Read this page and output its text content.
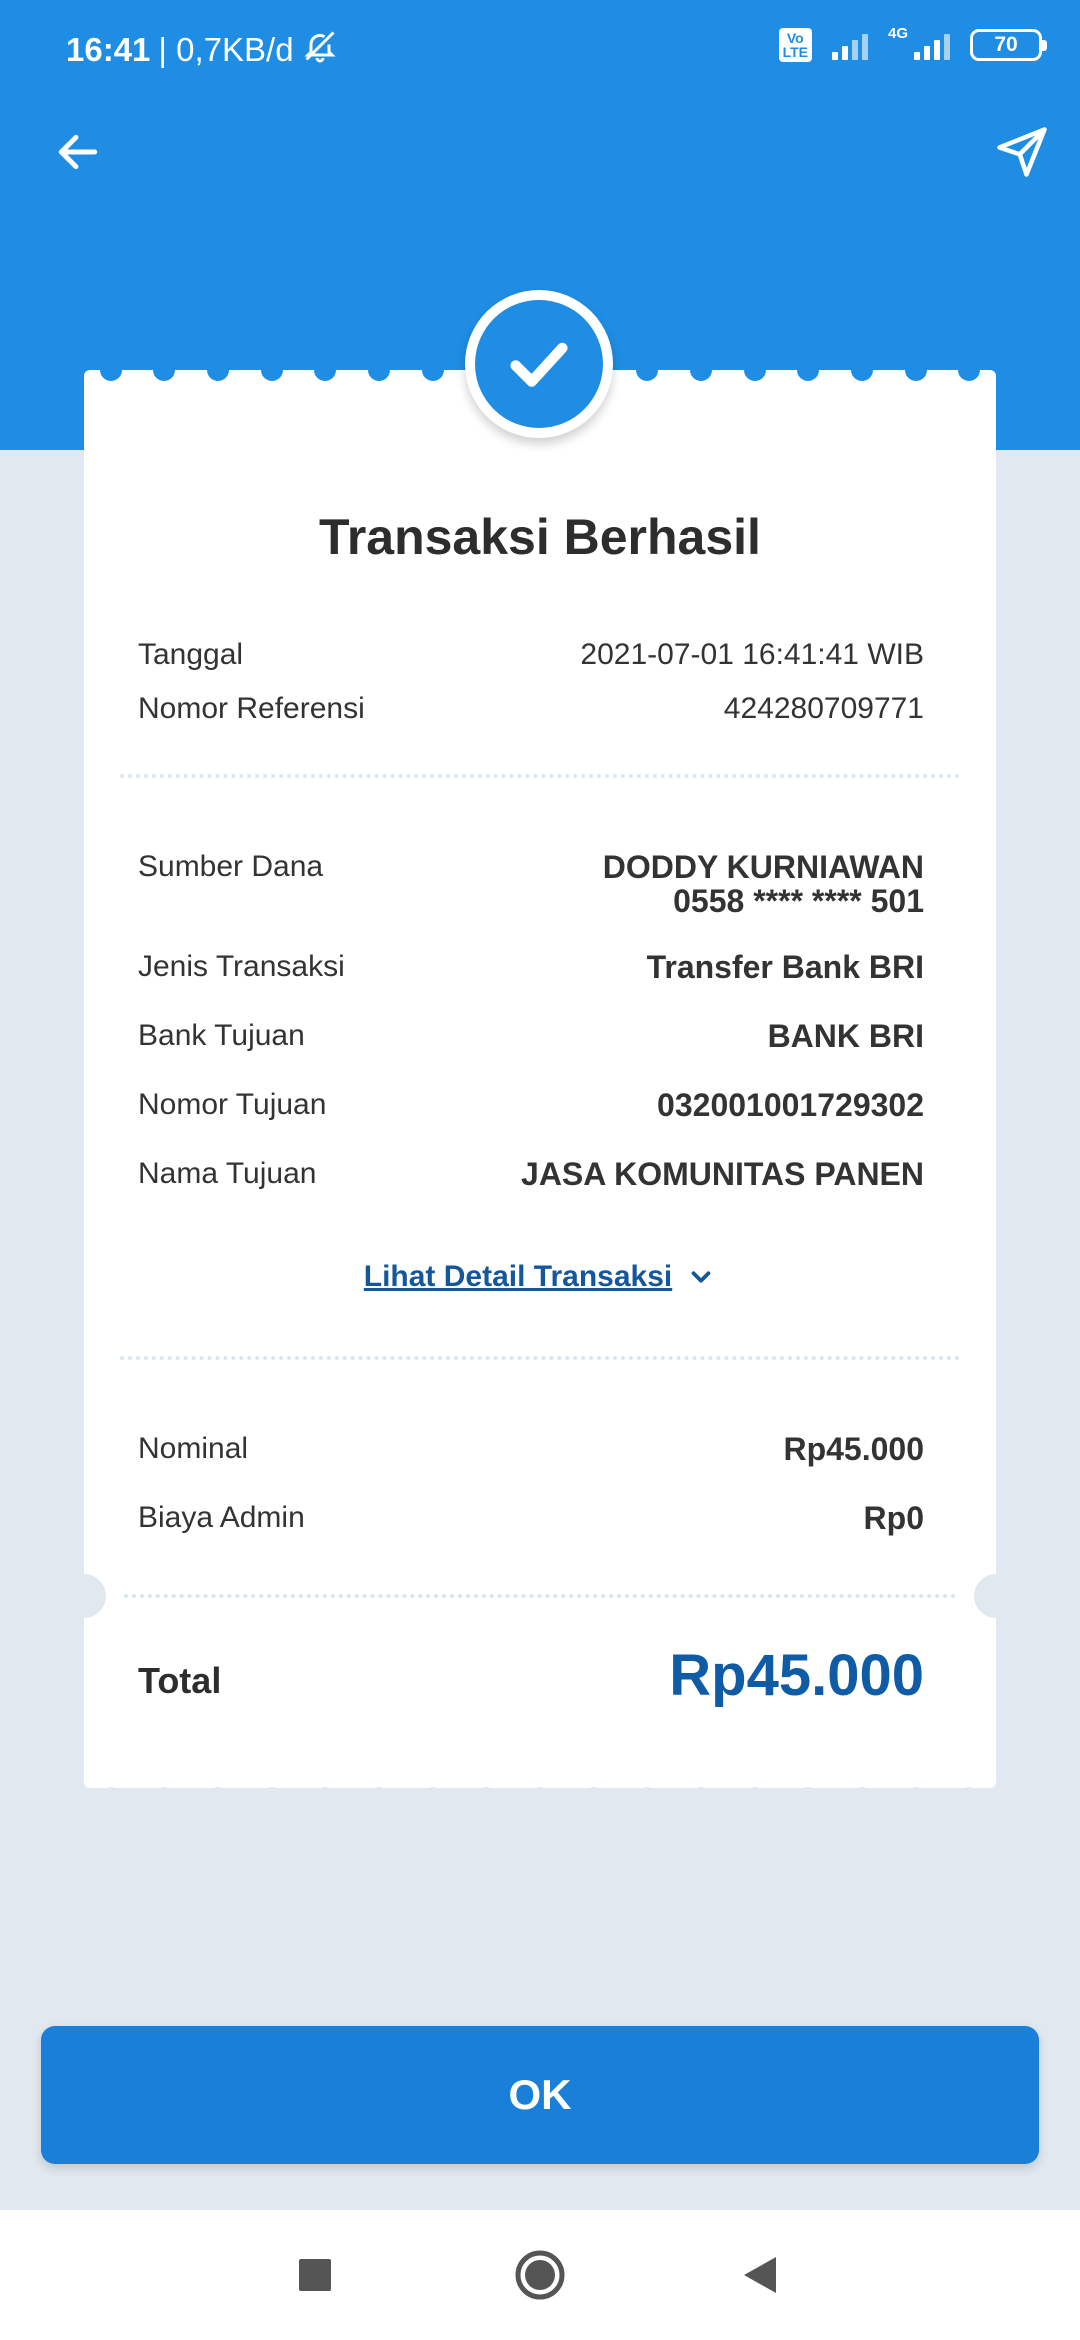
16:41 | 0,7KB/d	Vo
LTE
4G	70
Transaksi Berhasil
Tanggal	2021-07-01 16:41:41 WIB
Nomor Referensi	424280709771
Sumber Dana	DODDY KURNIAWAN
0558 **** **** 501
Jenis Transaksi	Transfer Bank BRI
Bank Tujuan	BANK BRI
Nomor Tujuan	032001001729302
Nama Tujuan	JASA KOMUNITAS PANEN
Lihat Detail Transaksi
Nominal	Rp45.000
Biaya Admin	Rp0
Total	Rp45.000
OK
